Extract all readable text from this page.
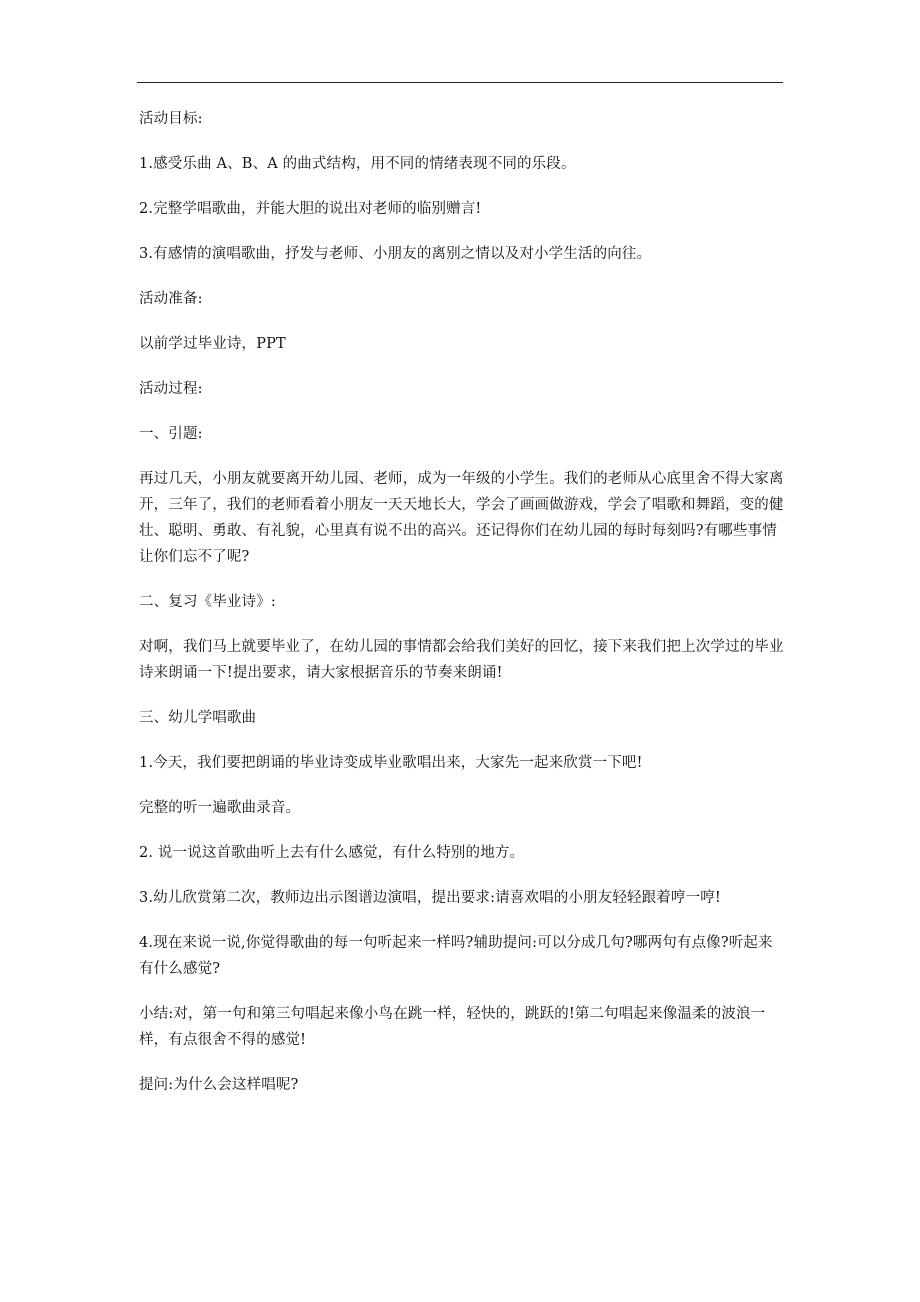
活动目标:

1.感受乐曲 A、B、A 的曲式结构，用不同的情绪表现不同的乐段。

2.完整学唱歌曲，并能大胆的说出对老师的临别赠言!

3.有感情的演唱歌曲，抒发与老师、小朋友的离别之情以及对小学生活的向往。

活动准备:

以前学过毕业诗，PPT

活动过程:

一、引题:

再过几天，小朋友就要离开幼儿园、老师，成为一年级的小学生。我们的老师从心底里舍不得大家离开，三年了，我们的老师看着小朋友一天天地长大，学会了画画做游戏，学会了唱歌和舞蹈，变的健壮、聪明、勇敢、有礼貌，心里真有说不出的高兴。还记得你们在幼儿园的每时每刻吗?有哪些事情让你们忘不了呢?

二、复习《毕业诗》:

对啊，我们马上就要毕业了，在幼儿园的事情都会给我们美好的回忆，接下来我们把上次学过的毕业诗来朗诵一下!提出要求，请大家根据音乐的节奏来朗诵!

三、幼儿学唱歌曲

1.今天，我们要把朗诵的毕业诗变成毕业歌唱出来，大家先一起来欣赏一下吧!

完整的听一遍歌曲录音。

2. 说一说这首歌曲听上去有什么感觉，有什么特别的地方。

3.幼儿欣赏第二次，教师边出示图谱边演唱，提出要求:请喜欢唱的小朋友轻轻跟着哼一哼!

4.现在来说一说,你觉得歌曲的每一句听起来一样吗?辅助提问:可以分成几句?哪两句有点像?听起来有什么感觉?

小结:对，第一句和第三句唱起来像小鸟在跳一样，轻快的，跳跃的!第二句唱起来像温柔的波浪一样，有点很舍不得的感觉!

提问:为什么会这样唱呢?
